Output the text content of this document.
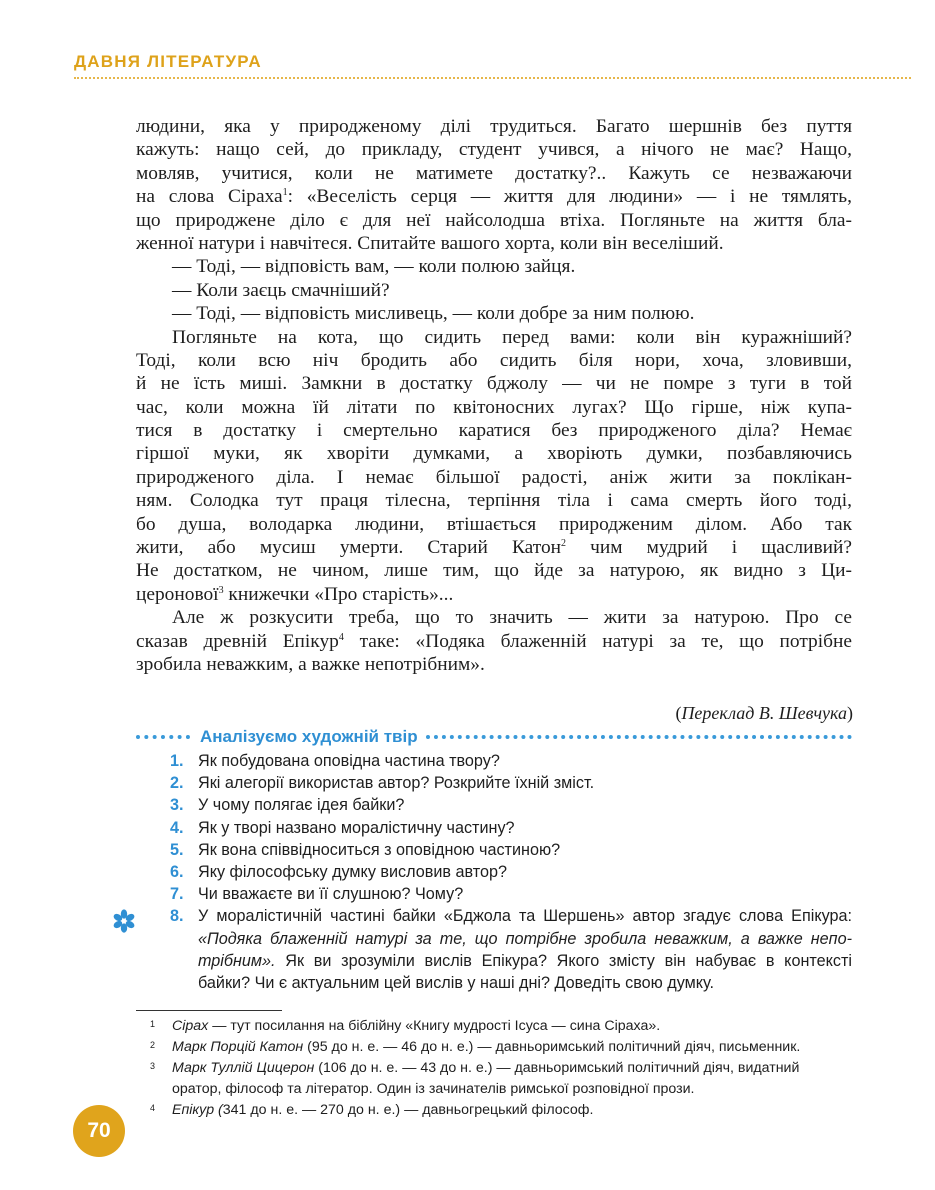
ДАВНЯ ЛІТЕРАТУРА
людини, яка у природженому ділі трудиться. Багато шершнів без пуття
кажуть: нащо сей, до прикладу, студент учився, а нічого не має? Нащо,
мовляв, учитися, коли не матимете достатку?.. Кажуть се незважаючи
на слова Сіраха$^1$: «Веселість серця — життя для людини» — і не тямлять,
що природжене діло є для неї найсолодша втіха. Погляньте на життя бла-
женної натури і навчітеся. Спитайте вашого хорта, коли він веселіший.
— Тоді, — відповість вам, — коли полюю зайця.
— Коли заєць смачніший?
— Тоді, — відповість мисливець, — коли добре за ним полюю.
Погляньте на кота, що сидить перед вами: коли він куражніший?
Тоді, коли всю ніч бродить або сидить біля нори, хоча, зловивши,
й не їсть миші. Замкни в достатку бджолу — чи не помре з туги в той
час, коли можна їй літати по квітоносних лугах? Що гірше, ніж купа-
тися в достатку і смертельно каратися без природженого діла? Немає
гіршої муки, як хворіти думками, а хворіють думки, позбавляючись
природженого діла. І немає більшої радості, аніж жити за поклікан-
ням. Солодка тут праця тілесна, терпіння тіла і сама смерть його тоді,
бо душа, володарка людини, втішається природженим ділом. Або так
жити, або мусиш умерти. Старий Катон$^2$ чим мудрий і щасливий?
Не достатком, не чином, лише тим, що йде за натурою, як видно з Ци-
церонової$^3$ книжечки «Про старість»...
Але ж розкусити треба, що то значить — жити за натурою. Про се
сказав древній Епікур$^4$ таке: «Подяка блаженній натурі за те, що потрібне
зробила неважким, а важке непотрібним».
(Переклад В. Шевчука)
Аналізуємо художній твір
1. Як побудована оповідна частина твору?
2. Які алегорії використав автор? Розкрийте їхній зміст.
3. У чому полягає ідея байки?
4. Як у творі названо мораліcтичну частину?
5. Як вона співвідноситься з оповідною частиною?
6. Яку філософську думку висловив автор?
7. Чи вважаєте ви її слушною? Чому?
8. У мораліcтичній частині байки «Бджола та Шершень» автор згадує слова Епікура:
«Подяка блаженній натурі за те, що потрібне зробила неважким, а важке непо-
трібним». Як ви зрозуміли вислів Епікура? Якого змісту він набуває в контексті
байки? Чи є актуальним цей вислів у наші дні? Доведіть свою думку.
1	Сірах — тут посилання на біблійну «Книгу мудрості Ісуса — сина Сіраха».
2	Марк Порцій Катон (95 до н. е. — 46 до н. е.) — давньоримський політичний діяч, письменник.
3	Марк Туллій Цицерон (106 до н. е. — 43 до н. е.) — давньоримський політичний діяч, видатний
оратор, філософ та літератор. Один із зачинателів римської розповідної прози.
4	Епікур (341 до н. е. — 270 до н. е.) — давньогрецький філософ.
70
